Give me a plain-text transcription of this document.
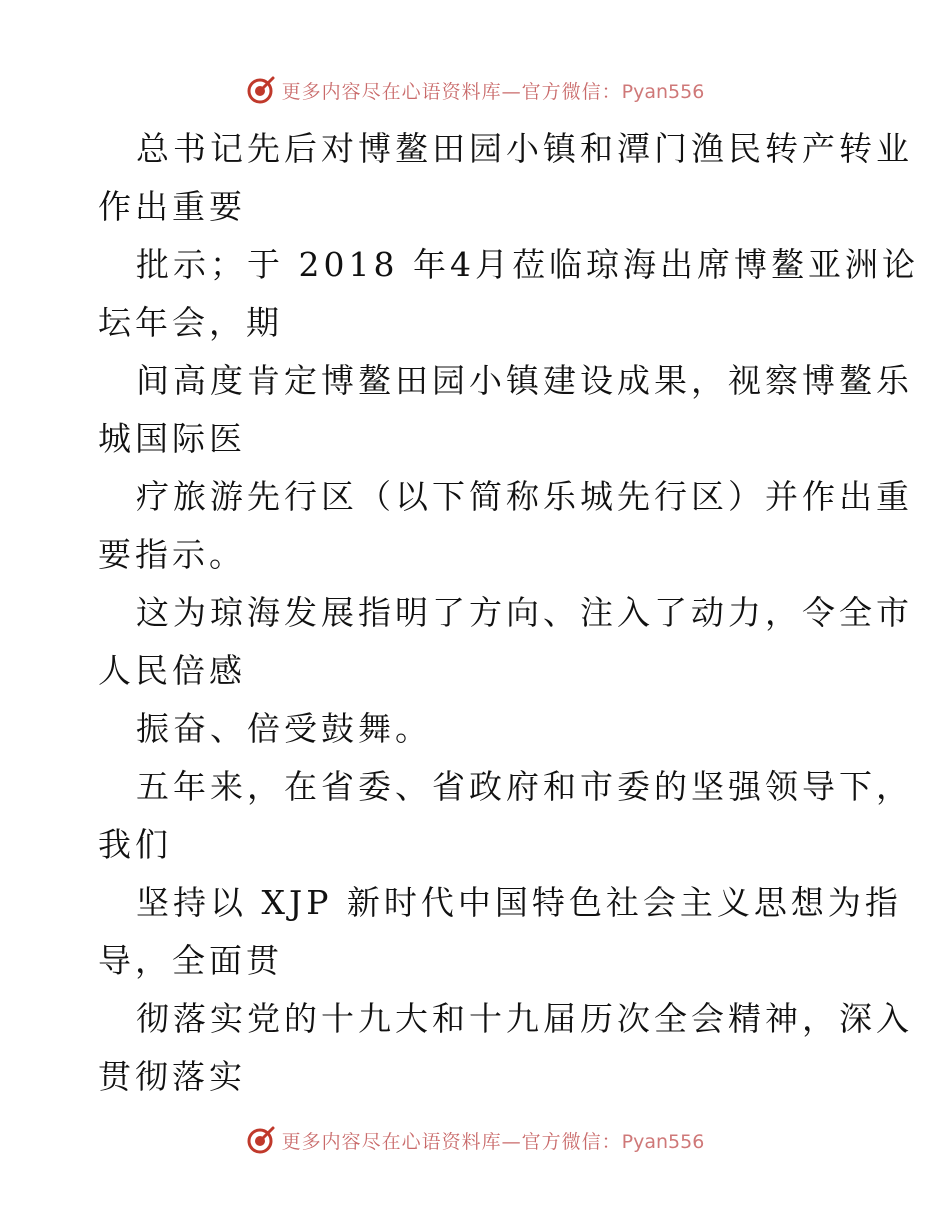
更多内容尽在心语资料库—官方微信：Pyan556
总书记先后对博鳌田园小镇和潭门渔民转产转业
作出重要
批示；于 2018 年4月莅临琼海出席博鳌亚洲论
坛年会，期
间高度肯定博鳌田园小镇建设成果，视察博鳌乐
城国际医
疗旅游先行区（以下简称乐城先行区）并作出重
要指示。
这为琼海发展指明了方向、注入了动力，令全市
人民倍感
振奋、倍受鼓舞。
五年来，在省委、省政府和市委的坚强领导下，
我们
坚持以 XJP 新时代中国特色社会主义思想为指
导，全面贯
彻落实党的十九大和十九届历次全会精神，深入
贯彻落实
更多内容尽在心语资料库—官方微信：Pyan556
